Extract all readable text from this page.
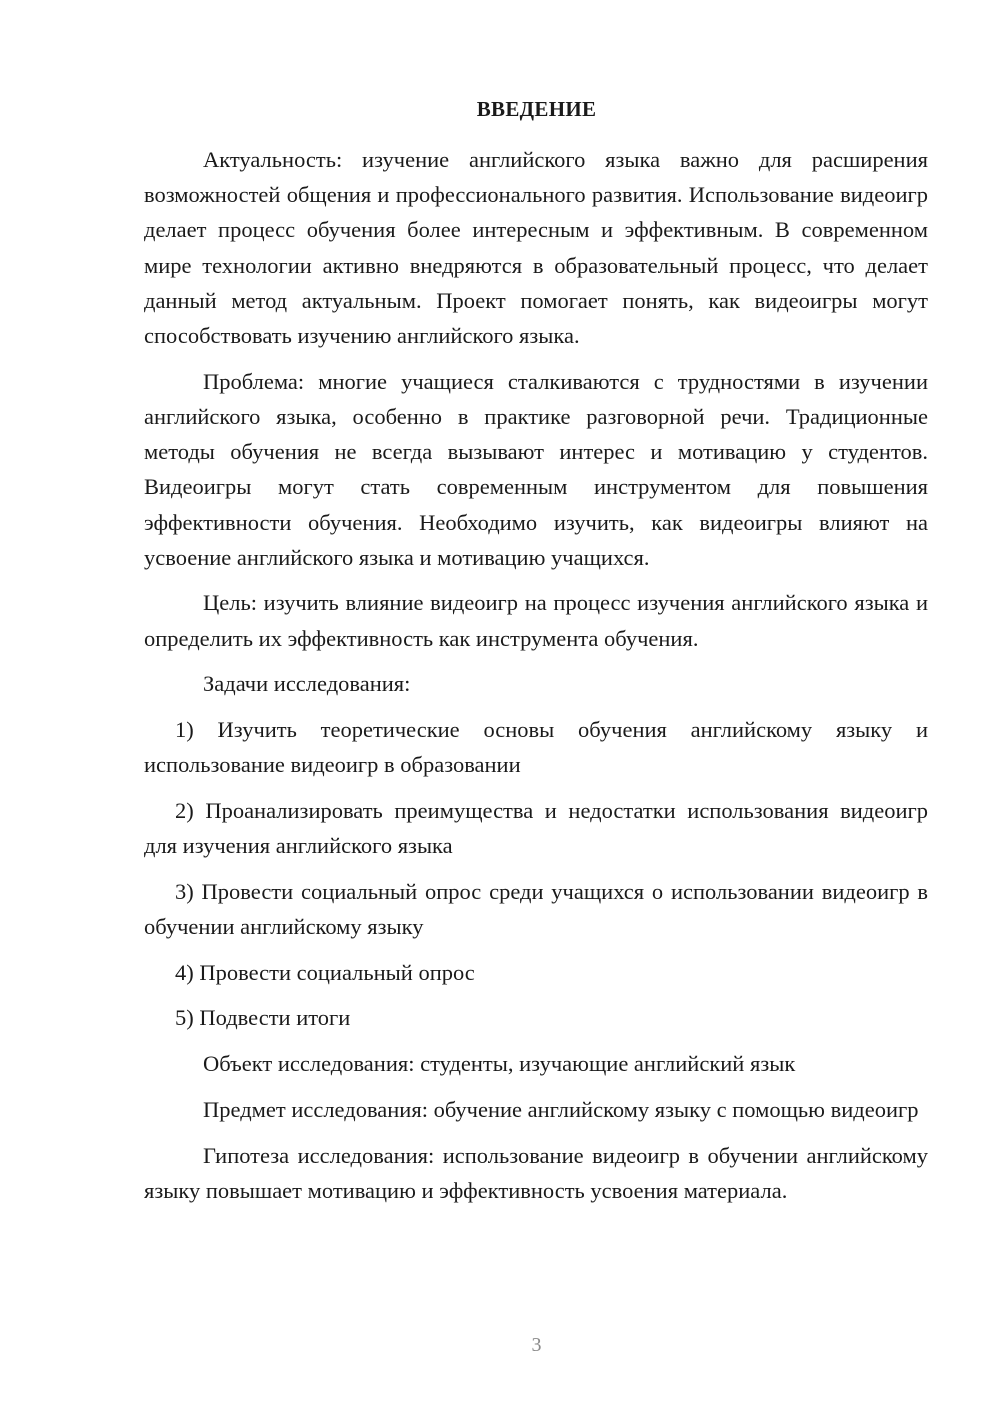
ВВЕДЕНИЕ

Актуальность: изучение английского языка важно для расширения возможностей общения и профессионального развития. Использование видеоигр делает процесс обучения более интересным и эффективным. В современном мире технологии активно внедряются в образовательный процесс, что делает данный метод актуальным. Проект помогает понять, как видеоигры могут способствовать изучению английского языка.

Проблема: многие учащиеся сталкиваются с трудностями в изучении английского языка, особенно в практике разговорной речи. Традиционные методы обучения не всегда вызывают интерес и мотивацию у студентов. Видеоигры могут стать современным инструментом для повышения эффективности обучения. Необходимо изучить, как видеоигры влияют на усвоение английского языка и мотивацию учащихся.

Цель: изучить влияние видеоигр на процесс изучения английского языка и определить их эффективность как инструмента обучения.

Задачи исследования:

1) Изучить теоретические основы обучения английскому языку и использование видеоигр в образовании

2) Проанализировать преимущества и недостатки использования видеоигр для изучения английского языка

3) Провести социальный опрос среди учащихся о использовании видеоигр в обучении английскому языку

4) Провести социальный опрос

5) Подвести итоги

Объект исследования: студенты, изучающие английский язык

Предмет исследования: обучение английскому языку с помощью видеоигр

Гипотеза исследования: использование видеоигр в обучении английскому языку повышает мотивацию и эффективность усвоения материала.

3
